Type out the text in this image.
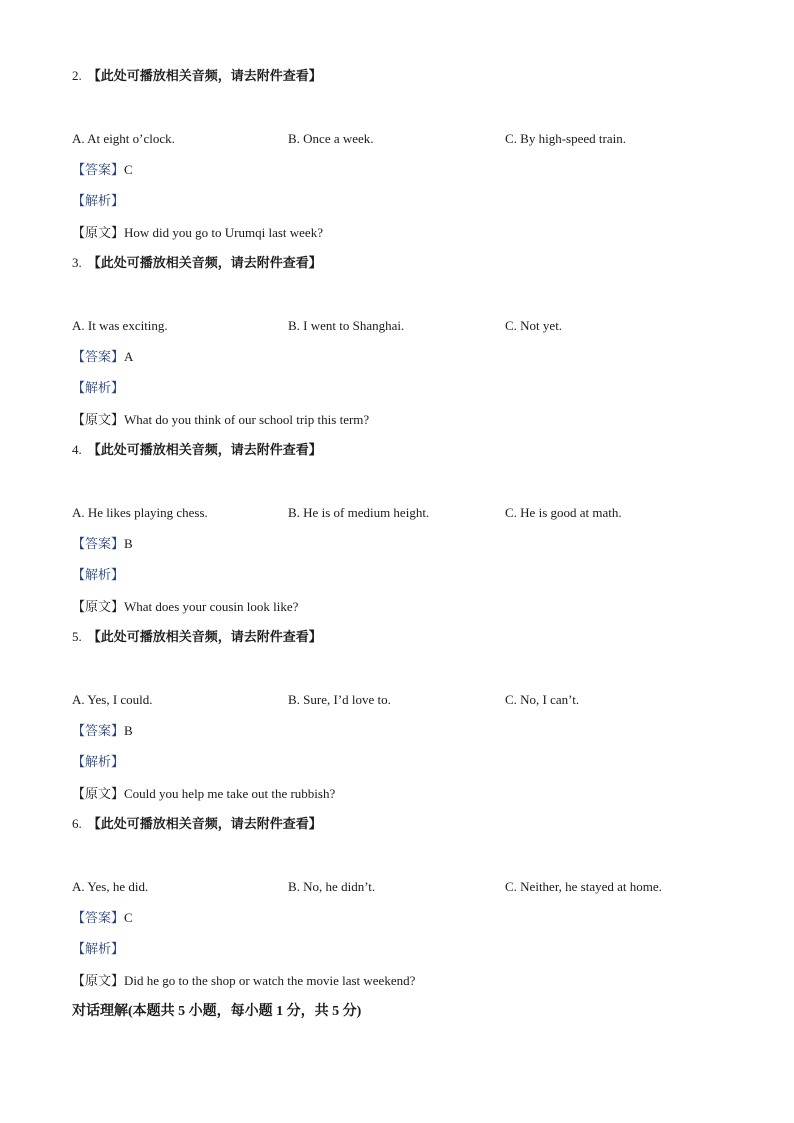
2. 【此处可播放相关音频，请去附件查看】
A. At eight o’clock.	B. Once a week.	C. By high-speed train.
【答案】C
【解析】
【原文】How did you go to Urumqi last week?
3. 【此处可播放相关音频，请去附件查看】
A. It was exciting.	B. I went to Shanghai.	C. Not yet.
【答案】A
【解析】
【原文】What do you think of our school trip this term?
4. 【此处可播放相关音频，请去附件查看】
A. He likes playing chess.	B. He is of medium height.	C. He is good at math.
【答案】B
【解析】
【原文】What does your cousin look like?
5. 【此处可播放相关音频，请去附件查看】
A. Yes, I could.	B. Sure, I’d love to.	C. No, I can’t.
【答案】B
【解析】
【原文】Could you help me take out the rubbish?
6. 【此处可播放相关音频，请去附件查看】
A. Yes, he did.	B. No, he didn’t.	C. Neither, he stayed at home.
【答案】C
【解析】
【原文】Did he go to the shop or watch the movie last weekend?
对话理解(本题共 5 小题，每小题 1 分，共 5 分)
